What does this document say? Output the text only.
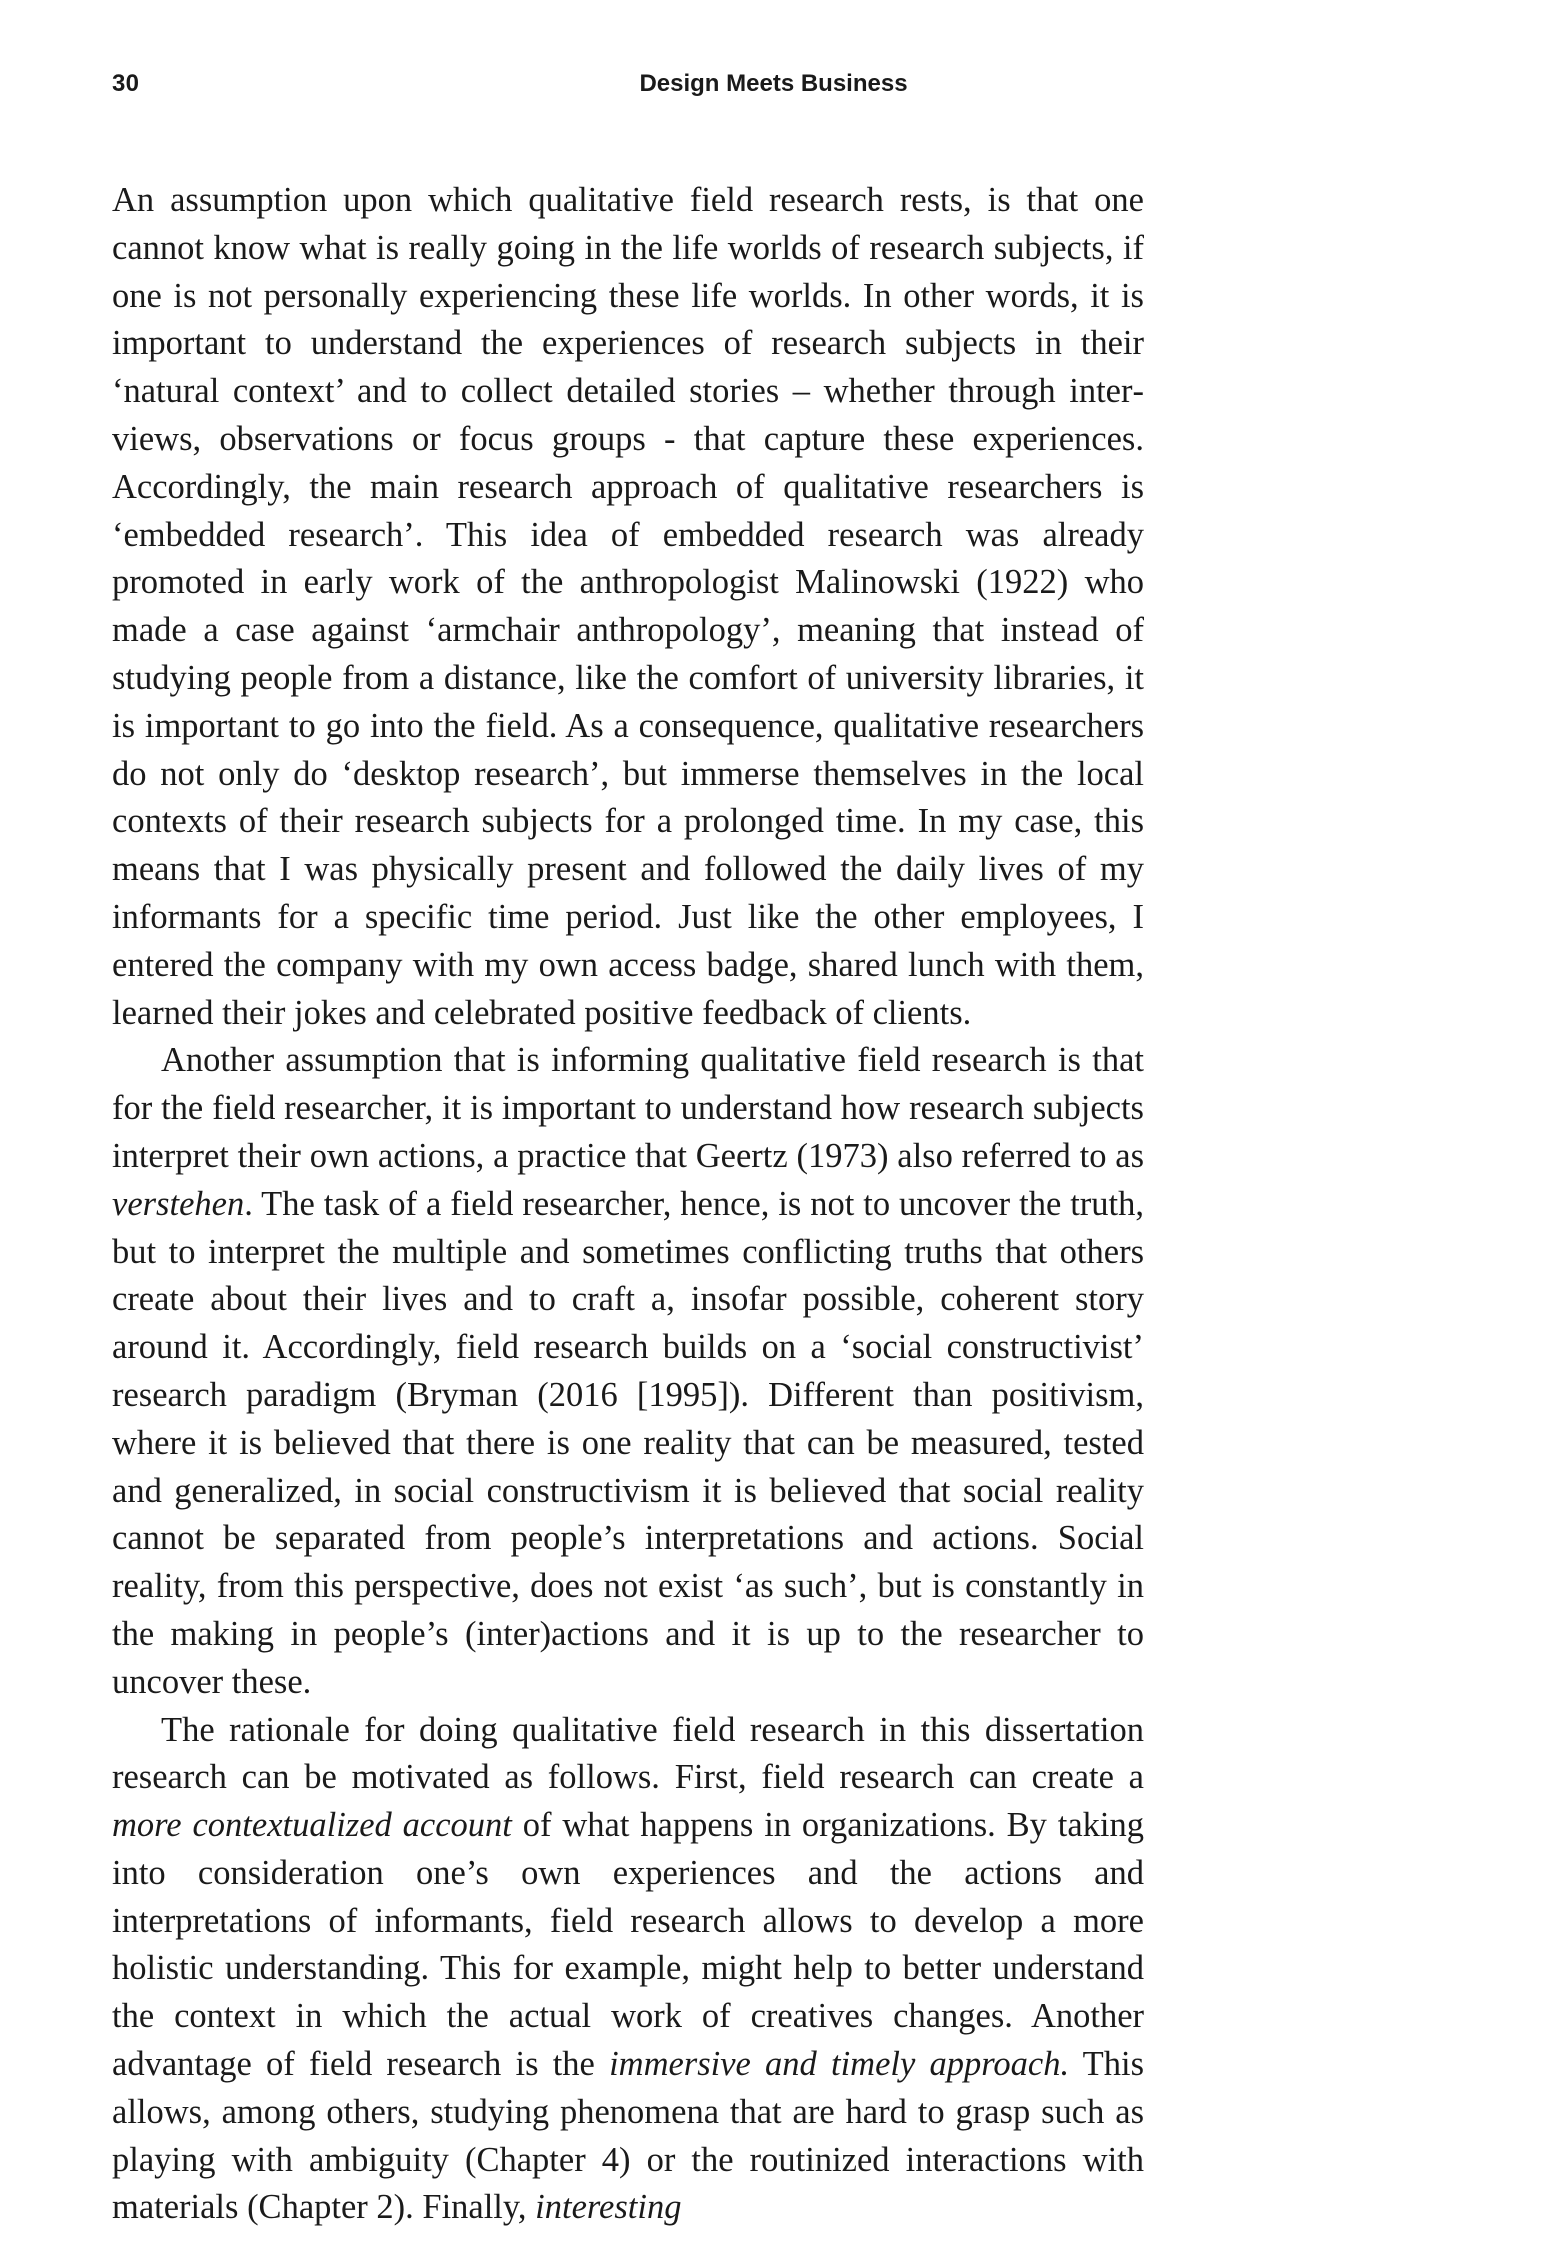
30	Design Meets Business

An assumption upon which qualitative field research rests, is that one cannot know what is really going in the life worlds of research subjects, if one is not personally experiencing these life worlds. In other words, it is important to understand the experiences of research subjects in their ‘natural context’ and to collect detailed stories – whether through interviews, observations or focus groups - that capture these experiences. Accordingly, the main research approach of qualitative researchers is ‘embedded research’. This idea of embedded research was already promoted in early work of the anthropologist Malinowski (1922) who made a case against ‘armchair anthropology’, meaning that instead of studying people from a distance, like the comfort of university libraries, it is important to go into the field. As a consequence, qualitative researchers do not only do ‘desktop research’, but immerse themselves in the local contexts of their research subjects for a prolonged time. In my case, this means that I was physically present and followed the daily lives of my informants for a specific time period. Just like the other employees, I entered the company with my own access badge, shared lunch with them, learned their jokes and celebrated positive feedback of clients.

Another assumption that is informing qualitative field research is that for the field researcher, it is important to understand how research subjects interpret their own actions, a practice that Geertz (1973) also referred to as verstehen. The task of a field researcher, hence, is not to uncover the truth, but to interpret the multiple and sometimes conflicting truths that others create about their lives and to craft a, insofar possible, coherent story around it. Accordingly, field research builds on a ‘social constructivist’ research paradigm (Bryman (2016 [1995]). Different than positivism, where it is believed that there is one reality that can be measured, tested and generalized, in social constructivism it is believed that social reality cannot be separated from people’s interpretations and actions. Social reality, from this perspective, does not exist ‘as such’, but is constantly in the making in people’s (inter)actions and it is up to the researcher to uncover these.

The rationale for doing qualitative field research in this dissertation research can be motivated as follows. First, field research can create a more contextualized account of what happens in organizations. By taking into consideration one’s own experiences and the actions and interpretations of informants, field research allows to develop a more holistic understanding. This for example, might help to better understand the context in which the actual work of creatives changes. Another advantage of field research is the immersive and timely approach. This allows, among others, studying phenomena that are hard to grasp such as playing with ambiguity (Chapter 4) or the routinized interactions with materials (Chapter 2). Finally, interesting
